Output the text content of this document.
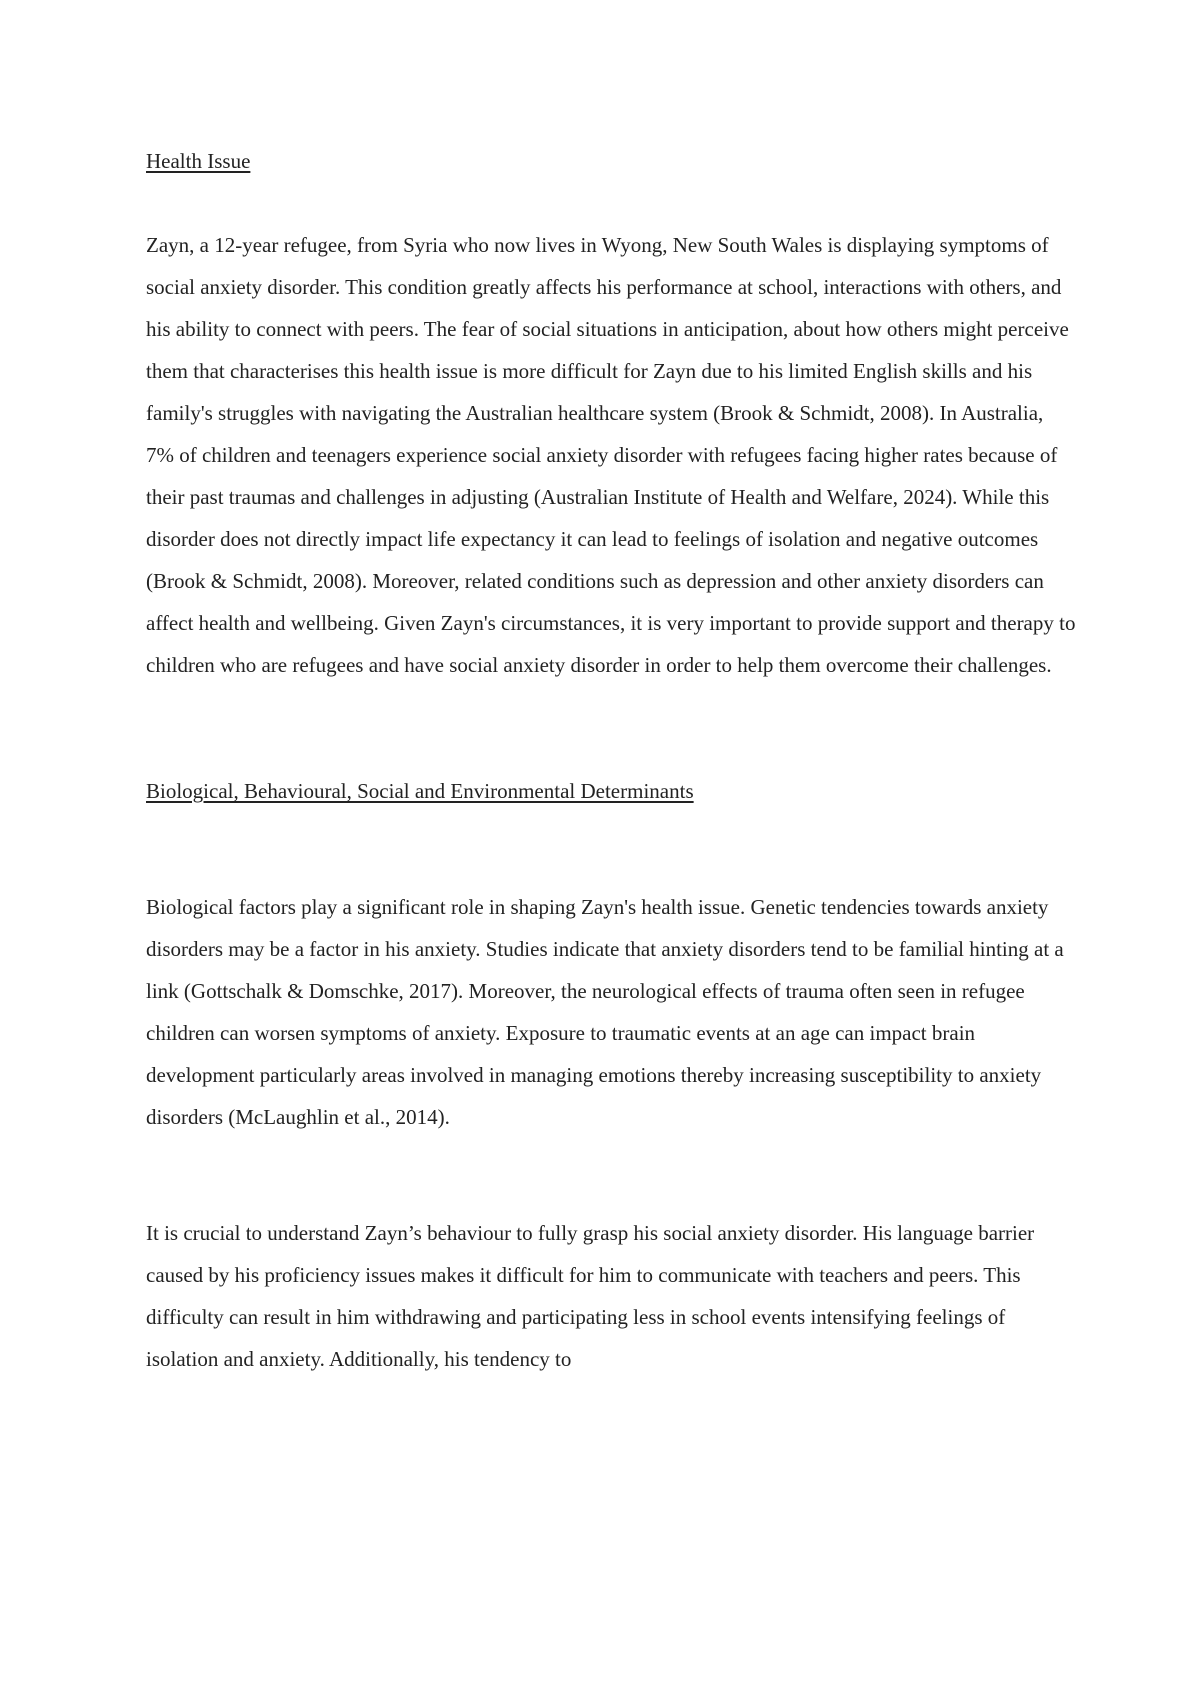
Health Issue

Zayn, a 12-year refugee, from Syria who now lives in Wyong, New South Wales is displaying symptoms of social anxiety disorder. This condition greatly affects his performance at school, interactions with others, and his ability to connect with peers. The fear of social situations in anticipation, about how others might perceive them that characterises this health issue is more difficult for Zayn due to his limited English skills and his family's struggles with navigating the Australian healthcare system (Brook & Schmidt, 2008). In Australia, 7% of children and teenagers experience social anxiety disorder with refugees facing higher rates because of their past traumas and challenges in adjusting (Australian Institute of Health and Welfare, 2024). While this disorder does not directly impact life expectancy it can lead to feelings of isolation and negative outcomes (Brook & Schmidt, 2008). Moreover, related conditions such as depression and other anxiety disorders can affect health and wellbeing. Given Zayn's circumstances, it is very important to provide support and therapy to children who are refugees and have social anxiety disorder in order to help them overcome their challenges.

Biological, Behavioural, Social and Environmental Determinants

Biological factors play a significant role in shaping Zayn's health issue. Genetic tendencies towards anxiety disorders may be a factor in his anxiety. Studies indicate that anxiety disorders tend to be familial hinting at a link (Gottschalk & Domschke, 2017). Moreover, the neurological effects of trauma often seen in refugee children can worsen symptoms of anxiety. Exposure to traumatic events at an age can impact brain development particularly areas involved in managing emotions thereby increasing susceptibility to anxiety disorders (McLaughlin et al., 2014).

It is crucial to understand Zayn’s behaviour to fully grasp his social anxiety disorder. His language barrier caused by his proficiency issues makes it difficult for him to communicate with teachers and peers. This difficulty can result in him withdrawing and participating less in school events intensifying feelings of isolation and anxiety. Additionally, his tendency to
